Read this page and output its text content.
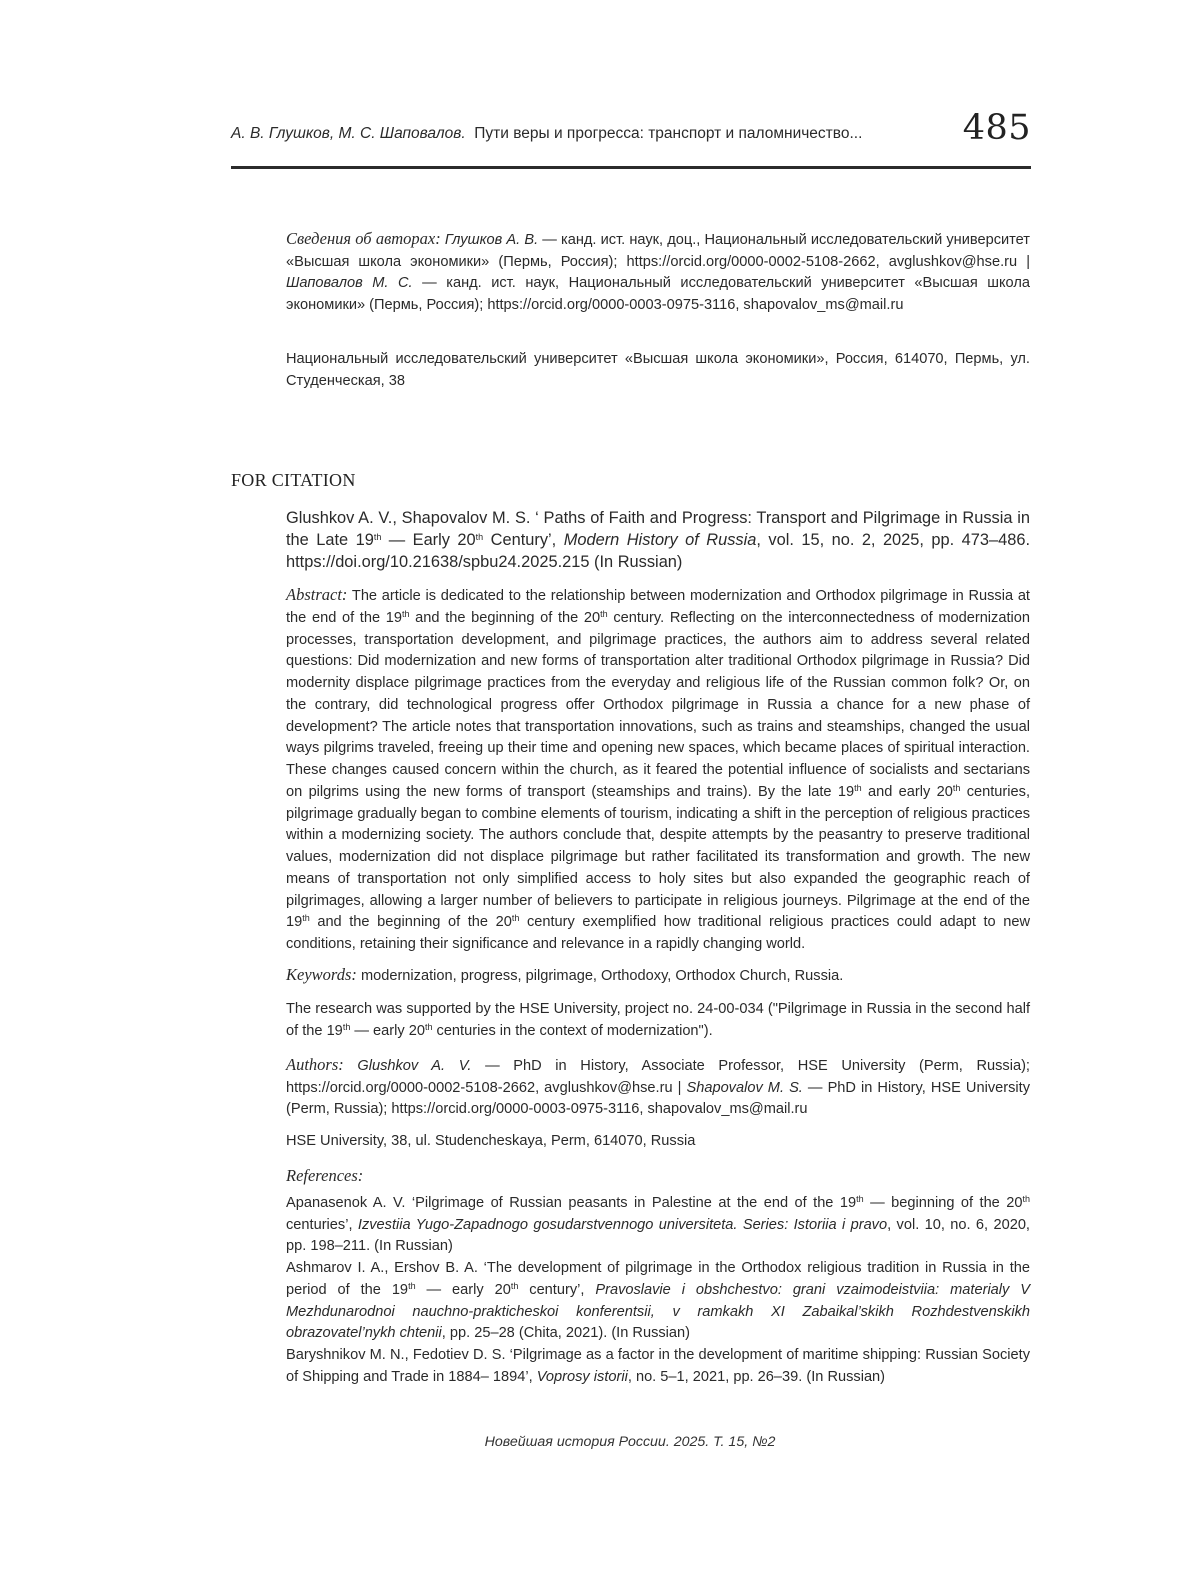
А. В. Глушков, М. С. Шаповалов. Пути веры и прогресса: транспорт и паломничество...	485
Сведения об авторах: Глушков А. В. — канд. ист. наук, доц., Национальный исследовательский университет «Высшая школа экономики» (Пермь, Россия); https://orcid.org/0000-0002-5108-2662, avglushkov@hse.ru | Шаповалов М. С. — канд. ист. наук, Национальный исследовательский университет «Высшая школа экономики» (Пермь, Россия); https://orcid.org/0000-0003-0975-3116, shapovalov_ms@mail.ru
Национальный исследовательский университет «Высшая школа экономики», Россия, 614070, Пермь, ул. Студенческая, 38
FOR CITATION
Glushkov A. V., Shapovalov M. S. ‘ Paths of Faith and Progress: Transport and Pilgrimage in Russia in the Late 19th — Early 20th Century’, Modern History of Russia, vol. 15, no. 2, 2025, pp. 473–486. https://doi.org/10.21638/spbu24.2025.215 (In Russian)
Abstract: The article is dedicated to the relationship between modernization and Orthodox pilgrimage in Russia at the end of the 19th and the beginning of the 20th century. Reflecting on the interconnectedness of modernization processes, transportation development, and pilgrimage practices, the authors aim to address several related questions: Did modernization and new forms of transportation alter traditional Orthodox pilgrimage in Russia? Did modernity displace pilgrimage practices from the everyday and religious life of the Russian common folk? Or, on the contrary, did technological progress offer Orthodox pilgrimage in Russia a chance for a new phase of development? The article notes that transportation innovations, such as trains and steamships, changed the usual ways pilgrims traveled, freeing up their time and opening new spaces, which became places of spiritual interaction. These changes caused concern within the church, as it feared the potential influence of socialists and sectarians on pilgrims using the new forms of transport (steamships and trains). By the late 19th and early 20th centuries, pilgrimage gradually began to combine elements of tourism, indicating a shift in the perception of religious practices within a modernizing society. The authors conclude that, despite attempts by the peasantry to preserve traditional values, modernization did not displace pilgrimage but rather facilitated its transformation and growth. The new means of transportation not only simplified access to holy sites but also expanded the geographic reach of pilgrimages, allowing a larger number of believers to participate in religious journeys. Pilgrimage at the end of the 19th and the beginning of the 20th century exemplified how traditional religious practices could adapt to new conditions, retaining their significance and relevance in a rapidly changing world.
Keywords: modernization, progress, pilgrimage, Orthodoxy, Orthodox Church, Russia.
The research was supported by the HSE University, project no. 24-00-034 ("Pilgrimage in Russia in the second half of the 19th — early 20th centuries in the context of modernization").
Authors: Glushkov A. V. — PhD in History, Associate Professor, HSE University (Perm, Russia); https://orcid.org/0000-0002-5108-2662, avglushkov@hse.ru | Shapovalov M. S. — PhD in History, HSE University (Perm, Russia); https://orcid.org/0000-0003-0975-3116, shapovalov_ms@mail.ru
HSE University, 38, ul. Studencheskaya, Perm, 614070, Russia
References:

Apanasenok A. V. ‘Pilgrimage of Russian peasants in Palestine at the end of the 19th — beginning of the 20th centuries’, Izvestiia Yugo-Zapadnogo gosudarstvennogo universiteta. Series: Istoriia i pravo, vol. 10, no. 6, 2020, pp. 198–211. (In Russian)

Ashmarov I. A., Ershov B. A. ‘The development of pilgrimage in the Orthodox religious tradition in Russia in the period of the 19th — early 20th century’, Pravoslavie i obshchestvo: grani vzaimodeistviia: materialy V Mezhdunarodnoi nauchno-prakticheskoi konferentsii, v ramkakh XI Zabaikal’skikh Rozhdestvenskikh obrazovatel’nykh chtenii, pp. 25–28 (Chita, 2021). (In Russian)

Baryshnikov M. N., Fedotiev D. S. ‘Pilgrimage as a factor in the development of maritime shipping: Russian Society of Shipping and Trade in 1884– 1894’, Voprosy istorii, no. 5–1, 2021, pp. 26–39. (In Russian)

Новейшая история России. 2025. Т. 15, №2
